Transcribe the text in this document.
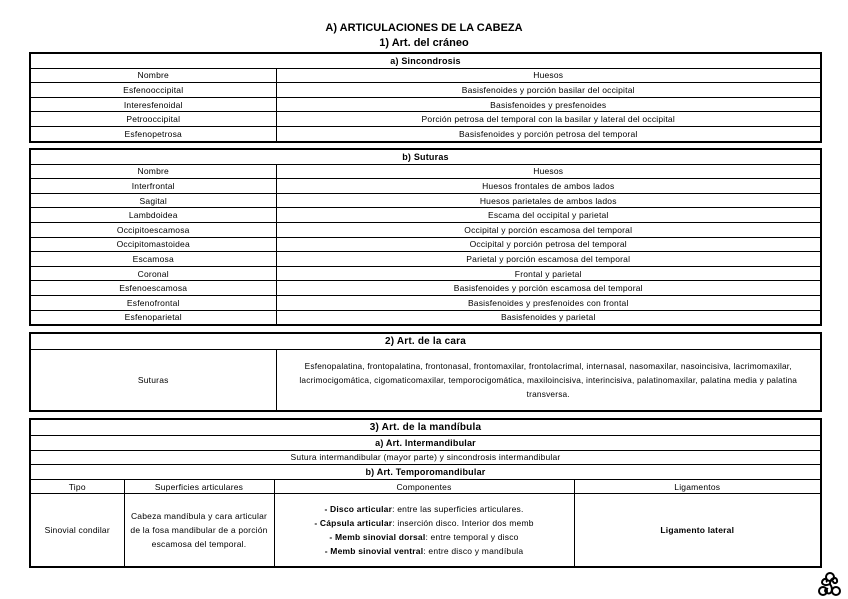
A) ARTICULACIONES DE LA CABEZA
1) Art. del cráneo
a) Sincondrosis	
Nombre	Huesos
Esfenooccipital	Basisfenoides y porción basilar del occipital
Interesfenoidal	Basisfenoides y presfenoides
Petrooccipital	Porción petrosa del temporal con la basilar y lateral del occipital
Esfenopetrosa	Basisfenoides y porción petrosa del temporal
b) Suturas	
Nombre	Huesos
Interfrontal	Huesos frontales de ambos lados
Sagital	Huesos parietales de ambos lados
Lambdoidea	Escama del occipital y parietal
Occipitoescamosa	Occipital y porción escamosa del temporal
Occipitomastoidea	Occipital y porción petrosa del temporal
Escamosa	Parietal y porción escamosa del temporal
Coronal	Frontal y parietal
Esfenoescamosa	Basisfenoides y porción escamosa del temporal
Esfenofrontal	Basisfenoides y presfenoides con frontal
Esfenoparietal	Basisfenoides y parietal
2) Art. de la cara
Suturas	Esfenopalatina, frontopalatina, frontonasal, frontomaxilar, frontolacrimal, internasal, nasomaxilar, nasoincisiva, lacrimomaxilar, lacrimocigomática, cigomaticomaxilar, temporocigomática, maxiloincisiva, interincisiva, palatinomaxilar, palatina media y palatina transversa.
3) Art. de la mandíbula			
a) Art. Intermandibular			
Sutura intermandibular (mayor parte) y sincondrosis intermandibular			
b) Art. Temporomandibular			
Tipo	Superficies articulares	Componentes	Ligamentos
Sinovial condilar	Cabeza mandíbula y cara articular de la fosa mandibular de a porción escamosa del temporal.	- Disco articular: entre las superficies articulares.
- Cápsula articular: inserción disco. Interior dos memb
- Memb sinovial dorsal: entre temporal y disco
- Memb sinovial ventral: entre disco y mandíbula	Ligamento lateral
